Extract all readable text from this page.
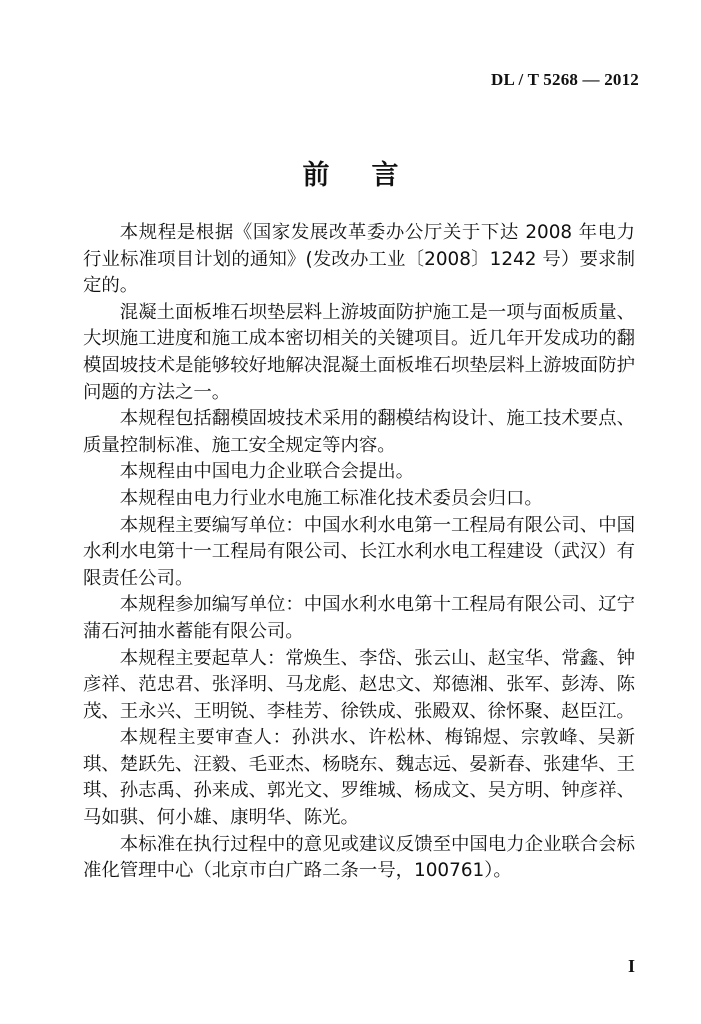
DL / T 5268 — 2012
前言

本规程是根据《国家发展改革委办公厅关于下达 2008 年电力行业标准项目计划的通知》(发改办工业〔2008〕1242 号）要求制定的。

混凝土面板堆石坝垫层料上游坡面防护施工是一项与面板质量、大坝施工进度和施工成本密切相关的关键项目。近几年开发成功的翻模固坡技术是能够较好地解决混凝土面板堆石坝垫层料上游坡面防护问题的方法之一。

本规程包括翻模固坡技术采用的翻模结构设计、施工技术要点、质量控制标准、施工安全规定等内容。

本规程由中国电力企业联合会提出。

本规程由电力行业水电施工标准化技术委员会归口。

本规程主要编写单位：中国水利水电第一工程局有限公司、中国水利水电第十一工程局有限公司、长江水利水电工程建设（武汉）有限责任公司。

本规程参加编写单位：中国水利水电第十工程局有限公司、辽宁蒲石河抽水蓄能有限公司。

本规程主要起草人：常焕生、李岱、张云山、赵宝华、常鑫、钟彦祥、范忠君、张泽明、马龙彪、赵忠文、郑德湘、张军、彭涛、陈茂、王永兴、王明锐、李桂芳、徐铁成、张殿双、徐怀聚、赵臣江。

本规程主要审查人：孙洪水、许松林、梅锦煜、宗敦峰、吴新琪、楚跃先、汪毅、毛亚杰、杨晓东、魏志远、晏新春、张建华、王琪、孙志禹、孙来成、郭光文、罗维城、杨成文、吴方明、钟彦祥、马如骐、何小雄、康明华、陈光。

本标准在执行过程中的意见或建议反馈至中国电力企业联合会标准化管理中心（北京市白广路二条一号，100761）。

I
